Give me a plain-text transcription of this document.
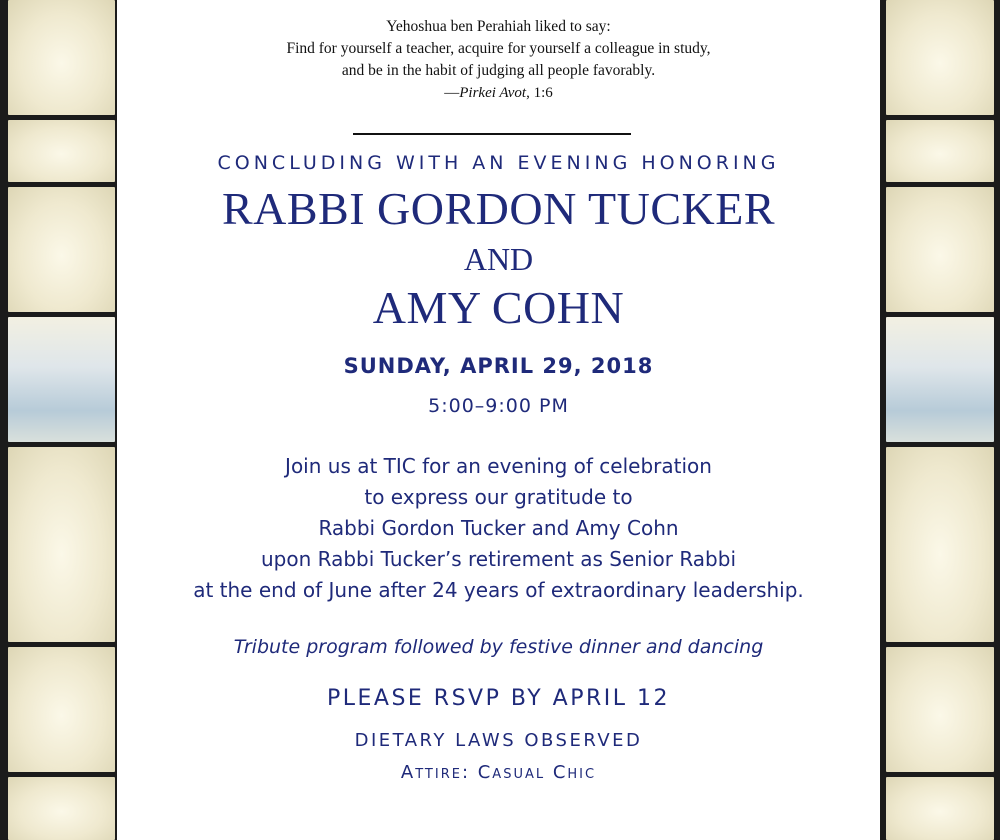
Yehoshua ben Perahiah liked to say:
Find for yourself a teacher, acquire for yourself a colleague in study,
and be in the habit of judging all people favorably.
—Pirkei Avot, 1:6
CONCLUDING WITH AN EVENING HONORING
RABBI GORDON TUCKER
AND
AMY COHN
SUNDAY, APRIL 29, 2018
5:00–9:00 PM
Join us at TIC for an evening of celebration
to express our gratitude to
Rabbi Gordon Tucker and Amy Cohn
upon Rabbi Tucker’s retirement as Senior Rabbi
at the end of June after 24 years of extraordinary leadership.
Tribute program followed by festive dinner and dancing
PLEASE RSVP BY APRIL 12
DIETARY LAWS OBSERVED
Attire: Casual Chic
